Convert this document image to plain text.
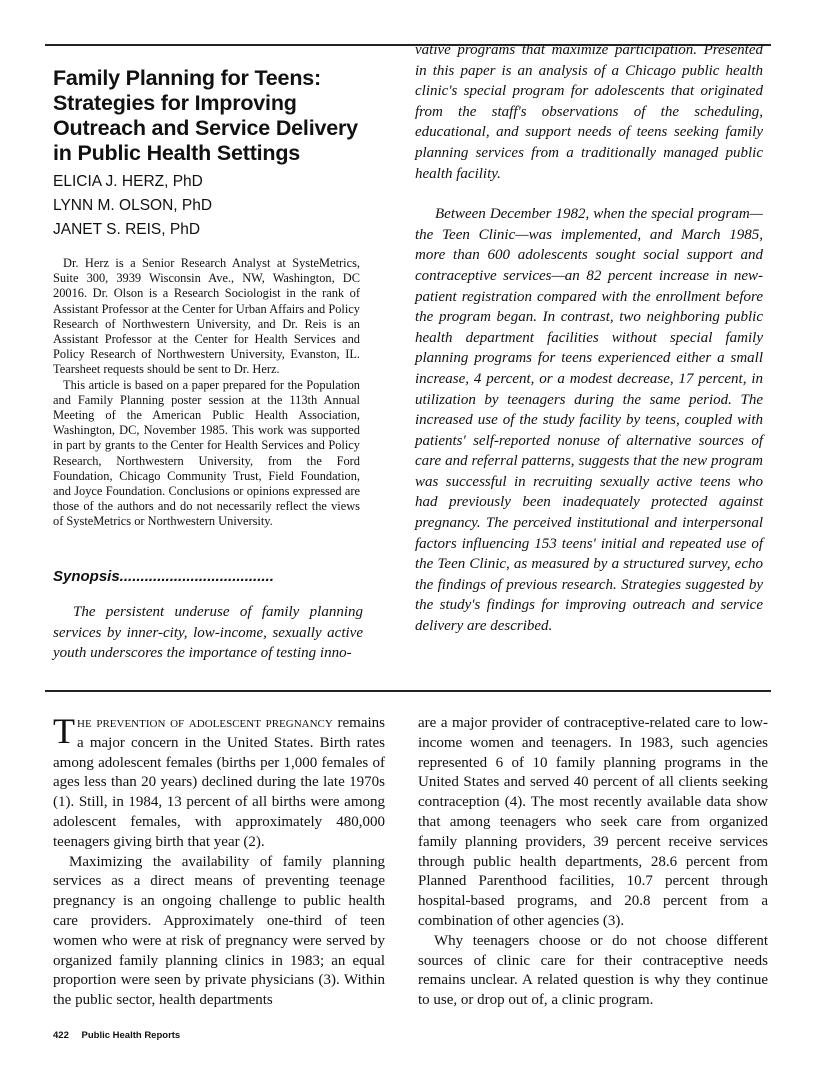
Family Planning for Teens: Strategies for Improving Outreach and Service Delivery in Public Health Settings
ELICIA J. HERZ, PhD
LYNN M. OLSON, PhD
JANET S. REIS, PhD

Dr. Herz is a Senior Research Analyst at SysteMetrics, Suite 300, 3939 Wisconsin Ave., NW, Washington, DC 20016. Dr. Olson is a Research Sociologist in the rank of Assistant Professor at the Center for Urban Affairs and Policy Research of Northwestern University, and Dr. Reis is an Assistant Professor at the Center for Health Services and Policy Research of Northwestern University, Evanston, IL. Tearsheet requests should be sent to Dr. Herz.

This article is based on a paper prepared for the Population and Family Planning poster session at the 113th Annual Meeting of the American Public Health Association, Washington, DC, November 1985. This work was supported in part by grants to the Center for Health Services and Policy Research, Northwestern University, from the Ford Foundation, Chicago Community Trust, Field Foundation, and Joyce Foundation. Conclusions or opinions expressed are those of the authors and do not necessarily reflect the views of SysteMetrics or Northwestern University.

Synopsis.....................................

The persistent underuse of family planning services by inner-city, low-income, sexually active youth underscores the importance of testing inno-

vative programs that maximize participation. Presented in this paper is an analysis of a Chicago public health clinic's special program for adolescents that originated from the staff's observations of the scheduling, educational, and support needs of teens seeking family planning services from a traditionally managed public health facility.

Between December 1982, when the special program—the Teen Clinic—was implemented, and March 1985, more than 600 adolescents sought social support and contraceptive services—an 82 percent increase in new-patient registration compared with the enrollment before the program began. In contrast, two neighboring public health department facilities without special family planning programs for teens experienced either a small increase, 4 percent, or a modest decrease, 17 percent, in utilization by teenagers during the same period. The increased use of the study facility by teens, coupled with patients' self-reported nonuse of alternative sources of care and referral patterns, suggests that the new program was successful in recruiting sexually active teens who had previously been inadequately protected against pregnancy. The perceived institutional and interpersonal factors influencing 153 teens' initial and repeated use of the Teen Clinic, as measured by a structured survey, echo the findings of previous research. Strategies suggested by the study's findings for improving outreach and service delivery are described.

The prevention of adolescent pregnancy remains a major concern in the United States. Birth rates among adolescent females (births per 1,000 females of ages less than 20 years) declined during the late 1970s (1). Still, in 1984, 13 percent of all births were among adolescent females, with approximately 480,000 teenagers giving birth that year (2).

Maximizing the availability of family planning services as a direct means of preventing teenage pregnancy is an ongoing challenge to public health care providers. Approximately one-third of teen women who were at risk of pregnancy were served by organized family planning clinics in 1983; an equal proportion were seen by private physicians (3). Within the public sector, health departments

are a major provider of contraceptive-related care to low-income women and teenagers. In 1983, such agencies represented 6 of 10 family planning programs in the United States and served 40 percent of all clients seeking contraception (4). The most recently available data show that among teenagers who seek care from organized family planning providers, 39 percent receive services through public health departments, 28.6 percent from Planned Parenthood facilities, 10.7 percent through hospital-based programs, and 20.8 percent from a combination of other agencies (3).

Why teenagers choose or do not choose different sources of clinic care for their contraceptive needs remains unclear. A related question is why they continue to use, or drop out of, a clinic program.

422 Public Health Reports
